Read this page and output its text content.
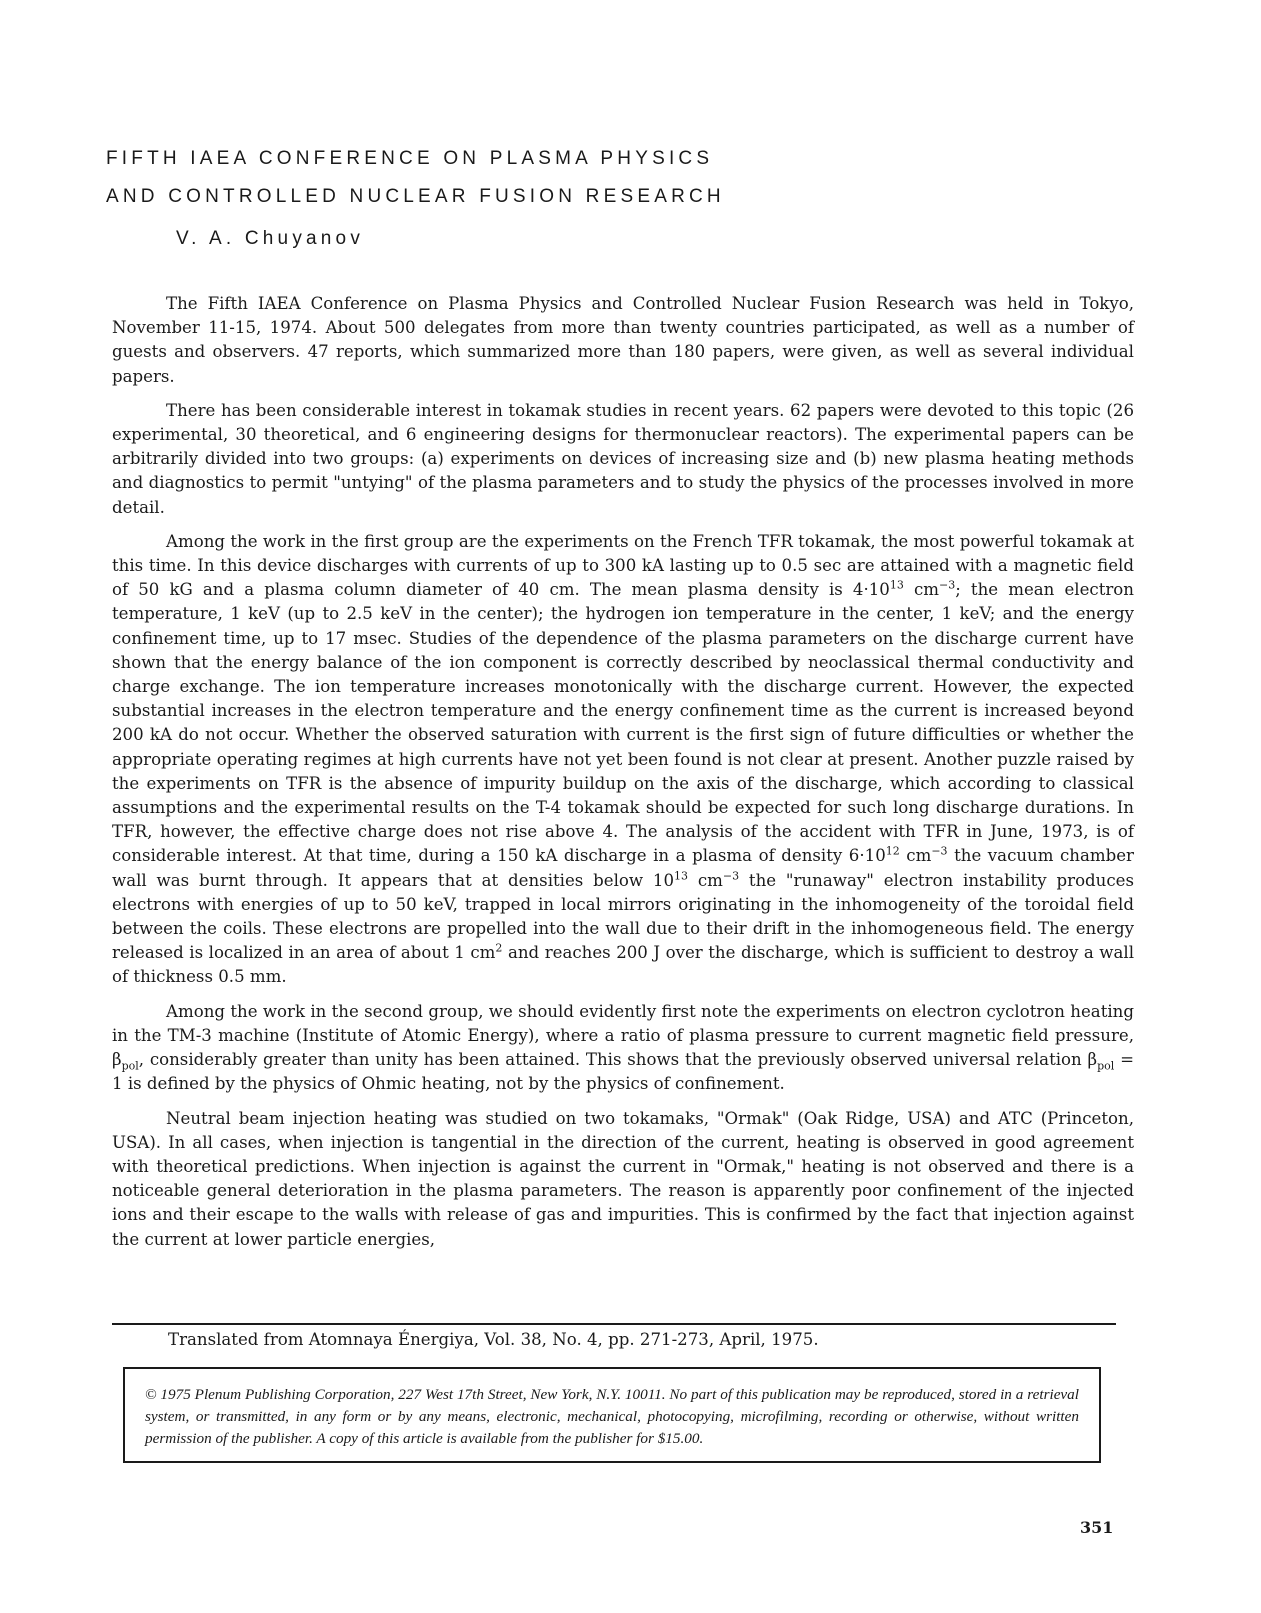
FIFTH IAEA CONFERENCE ON PLASMA PHYSICS
AND CONTROLLED NUCLEAR FUSION RESEARCH
V. A. Chuyanov

The Fifth IAEA Conference on Plasma Physics and Controlled Nuclear Fusion Research was held in Tokyo, November 11-15, 1974. About 500 delegates from more than twenty countries participated, as well as a number of guests and observers. 47 reports, which summarized more than 180 papers, were given, as well as several individual papers.

There has been considerable interest in tokamak studies in recent years. 62 papers were devoted to this topic (26 experimental, 30 theoretical, and 6 engineering designs for thermonuclear reactors). The experimental papers can be arbitrarily divided into two groups: (a) experiments on devices of increasing size and (b) new plasma heating methods and diagnostics to permit "untying" of the plasma parameters and to study the physics of the processes involved in more detail.

Among the work in the first group are the experiments on the French TFR tokamak, the most powerful tokamak at this time. In this device discharges with currents of up to 300 kA lasting up to 0.5 sec are attained with a magnetic field of 50 kG and a plasma column diameter of 40 cm. The mean plasma density is $4\cdot 10^{13}$ $cm^{-3}$; the mean electron temperature, 1 keV (up to 2.5 keV in the center); the hydrogen ion temperature in the center, 1 keV; and the energy confinement time, up to 17 msec. Studies of the dependence of the plasma parameters on the discharge current have shown that the energy balance of the ion component is correctly described by neoclassical thermal conductivity and charge exchange. The ion temperature increases monotonically with the discharge current. However, the expected substantial increases in the electron temperature and the energy confinement time as the current is increased beyond 200 kA do not occur. Whether the observed saturation with current is the first sign of future difficulties or whether the appropriate operating regimes at high currents have not yet been found is not clear at present. Another puzzle raised by the experiments on TFR is the absence of impurity buildup on the axis of the discharge, which according to classical assumptions and the experimental results on the T-4 tokamak should be expected for such long discharge durations. In TFR, however, the effective charge does not rise above 4. The analysis of the accident with TFR in June, 1973, is of considerable interest. At that time, during a 150 kA discharge in a plasma of density $6\cdot 10^{12}$ $cm^{-3}$ the vacuum chamber wall was burnt through. It appears that at densities below $10^{13}$ $cm^{-3}$ the "runaway" electron instability produces electrons with energies of up to 50 keV, trapped in local mirrors originating in the inhomogeneity of the toroidal field between the coils. These electrons are propelled into the wall due to their drift in the inhomogeneous field. The energy released is localized in an area of about 1 $cm^2$ and reaches 200 J over the discharge, which is sufficient to destroy a wall of thickness 0.5 mm.

Among the work in the second group, we should evidently first note the experiments on electron cyclotron heating in the TM-3 machine (Institute of Atomic Energy), where a ratio of plasma pressure to current magnetic field pressure, $\beta_{pol}$, considerably greater than unity has been attained. This shows that the previously observed universal relation $\beta_{pol} = 1$ is defined by the physics of Ohmic heating, not by the physics of confinement.

Neutral beam injection heating was studied on two tokamaks, "Ormak" (Oak Ridge, USA) and ATC (Princeton, USA). In all cases, when injection is tangential in the direction of the current, heating is observed in good agreement with theoretical predictions. When injection is against the current in "Ormak," heating is not observed and there is a noticeable general deterioration in the plasma parameters. The reason is apparently poor confinement of the injected ions and their escape to the walls with release of gas and impurities. This is confirmed by the fact that injection against the current at lower particle energies,

Translated from Atomnaya Énergiya, Vol. 38, No. 4, pp. 271-273, April, 1975.
© 1975 Plenum Publishing Corporation, 227 West 17th Street, New York, N.Y. 10011. No part of this publication may be reproduced, stored in a retrieval system, or transmitted, in any form or by any means, electronic, mechanical, photocopying, microfilming, recording or otherwise, without written permission of the publisher. A copy of this article is available from the publisher for $15.00.
351
